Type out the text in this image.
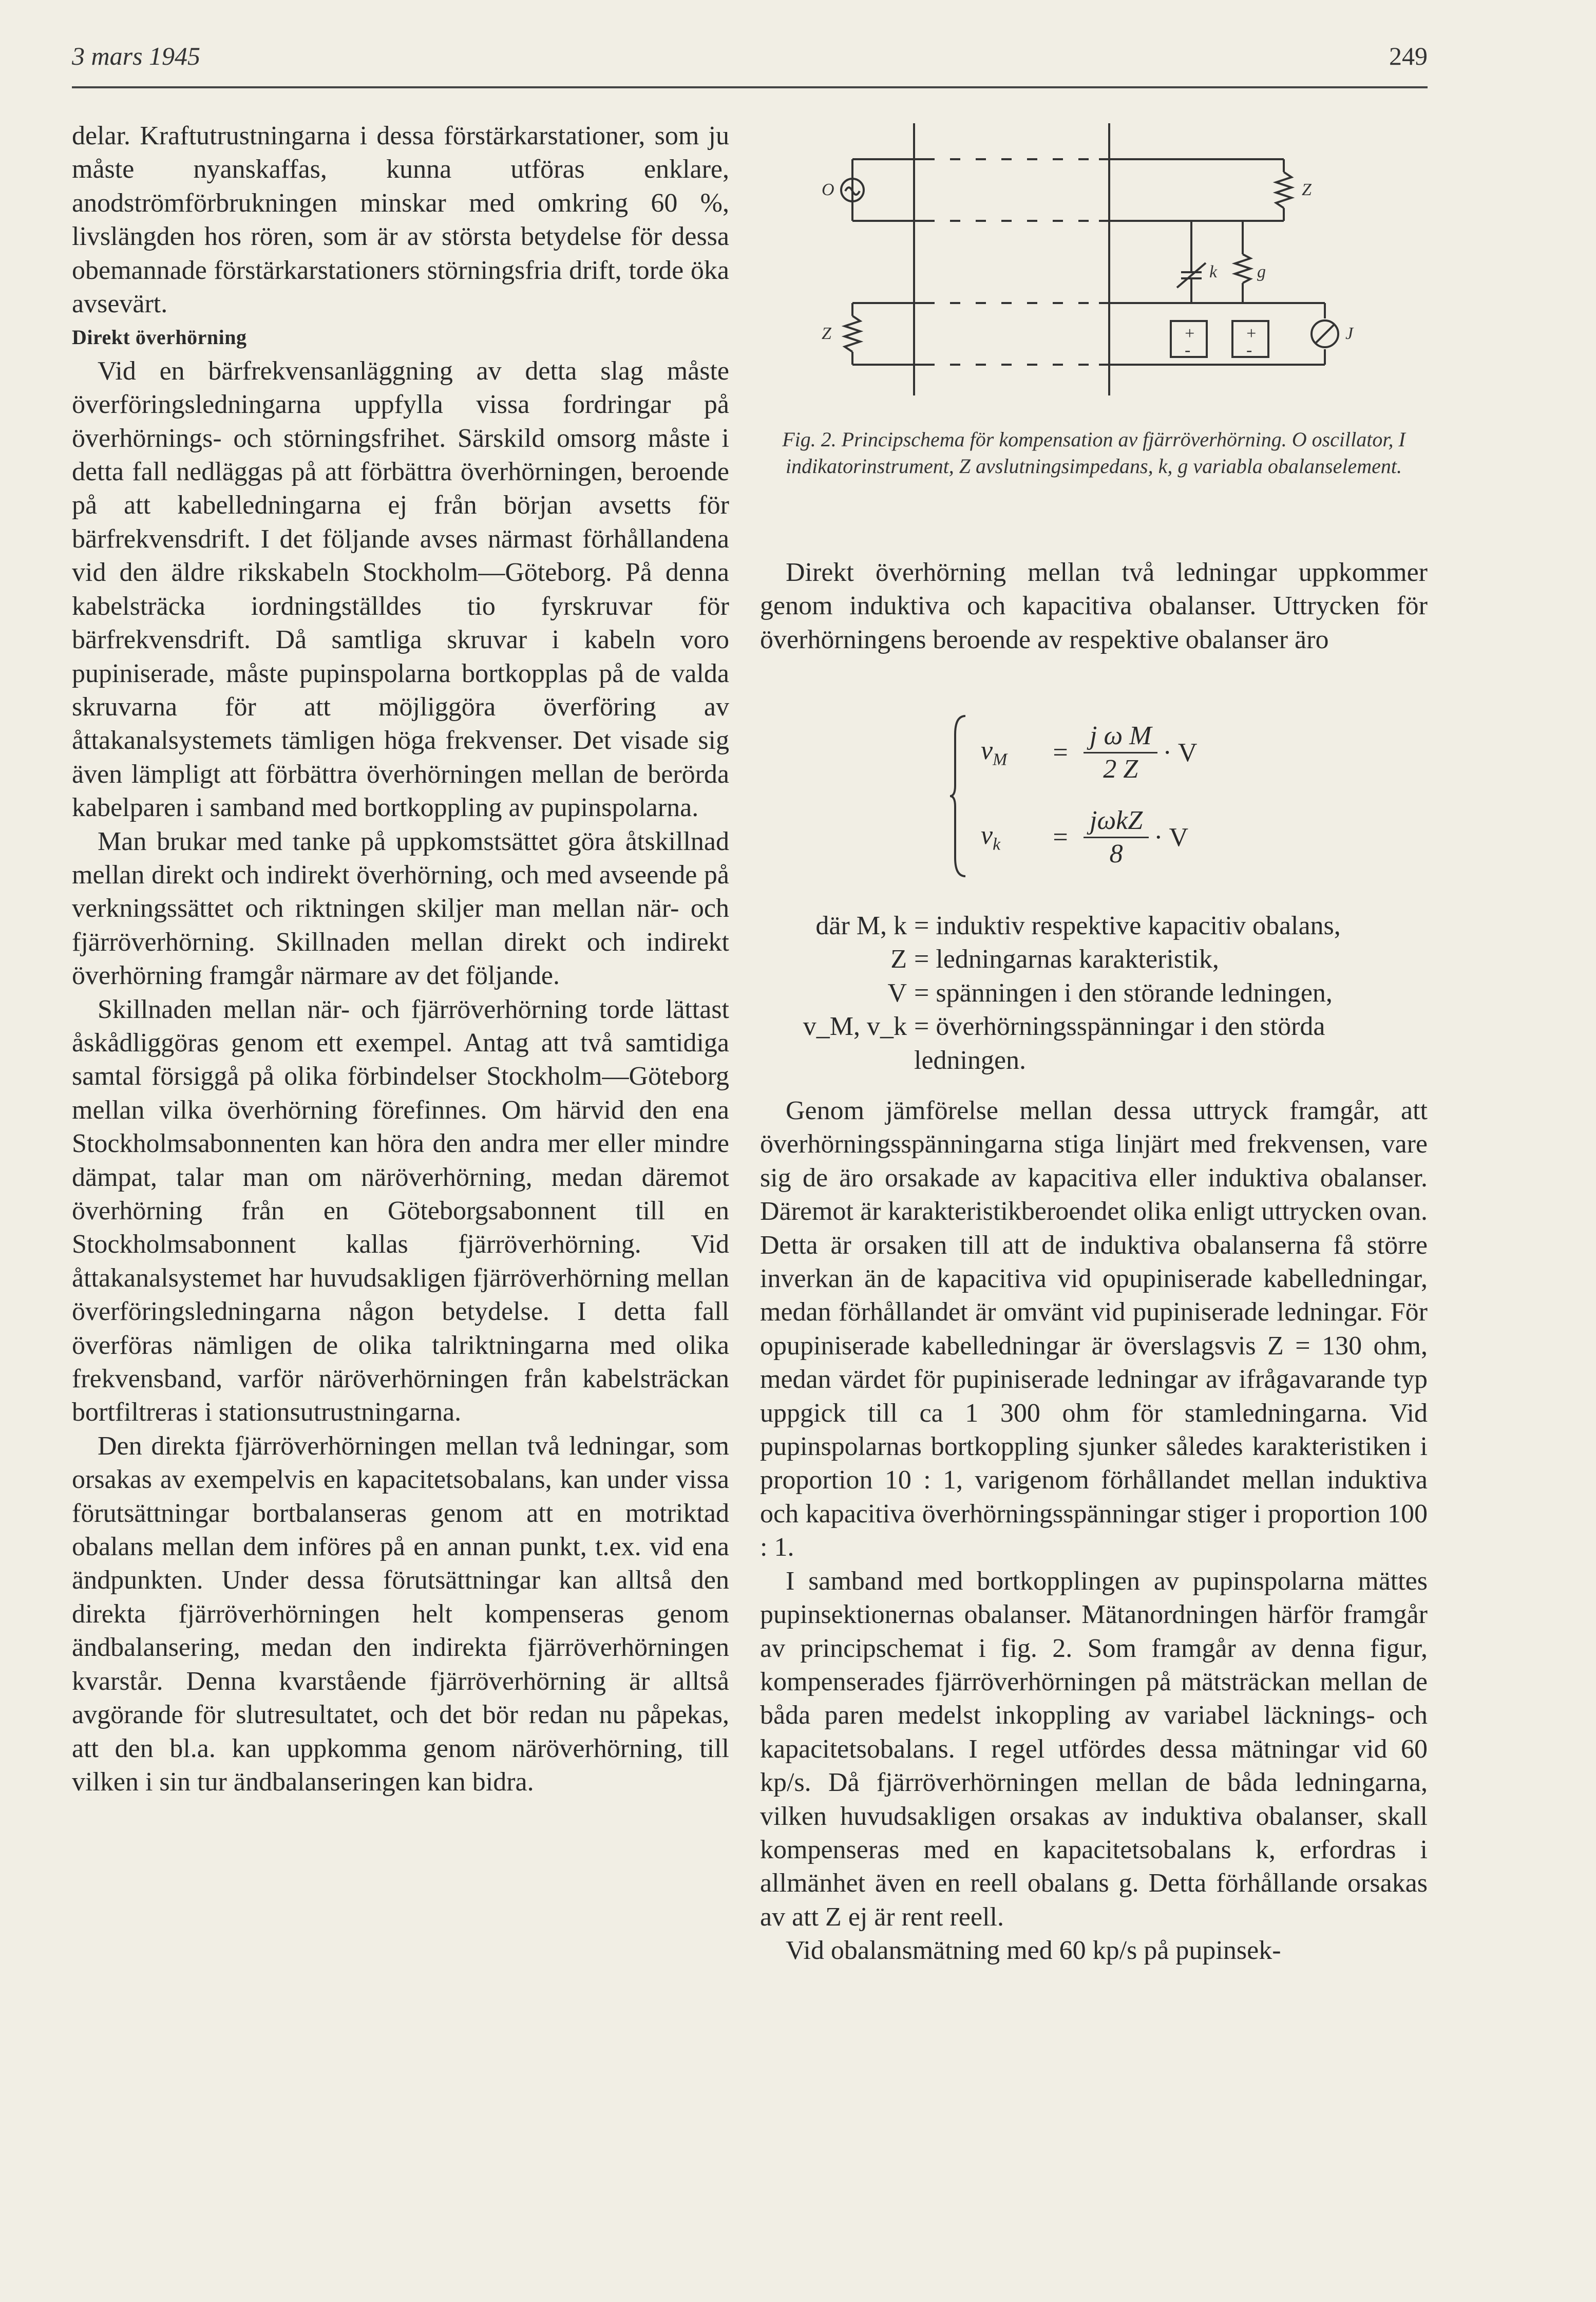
3 mars 1945	249

delar. Kraftutrustningarna i dessa förstärkarstationer, som ju måste nyanskaffas, kunna utföras enklare, anodströmförbrukningen minskar med omkring 60 %, livslängden hos rören, som är av största betydelse för dessa obemannade förstärkarstationers störningsfria drift, torde öka avsevärt.

Direkt överhörning

Vid en bärfrekvensanläggning av detta slag måste överföringsledningarna uppfylla vissa fordringar på överhörnings- och störningsfrihet. Särskild omsorg måste i detta fall nedläggas på att förbättra överhörningen, beroende på att kabelledningarna ej från början avsetts för bärfrekvensdrift. I det följande avses närmast förhållandena vid den äldre rikskabeln Stockholm—Göteborg. På denna kabelsträcka iordningställdes tio fyrskruvar för bärfrekvensdrift. Då samtliga skruvar i kabeln voro pupiniserade, måste pupinspolarna bortkopplas på de valda skruvarna för att möjliggöra överföring av åttakanalsystemets tämligen höga frekvenser. Det visade sig även lämpligt att förbättra överhörningen mellan de berörda kabelparen i samband med bortkoppling av pupinspolarna.

Man brukar med tanke på uppkomstsättet göra åtskillnad mellan direkt och indirekt överhörning, och med avseende på verkningssättet och riktningen skiljer man mellan när- och fjärröverhörning. Skillnaden mellan direkt och indirekt överhörning framgår närmare av det följande.

Skillnaden mellan när- och fjärröverhörning torde lättast åskådliggöras genom ett exempel. Antag att två samtidiga samtal försiggå på olika förbindelser Stockholm—Göteborg mellan vilka överhörning förefinnes. Om härvid den ena Stockholmsabonnenten kan höra den andra mer eller mindre dämpat, talar man om näröverhörning, medan däremot överhörning från en Göteborgsabonnent till en Stockholmsabonnent kallas fjärröverhörning. Vid åttakanalsystemet har huvudsakligen fjärröverhörning mellan överföringsledningarna någon betydelse. I detta fall överföras nämligen de olika talriktningarna med olika frekvensband, varför näröverhörningen från kabelsträckan bortfiltreras i stationsutrustningarna.

Den direkta fjärröverhörningen mellan två ledningar, som orsakas av exempelvis en kapacitetsobalans, kan under vissa förutsättningar bortbalanseras genom att en motriktad obalans mellan dem införes på en annan punkt, t.ex. vid ena ändpunkten. Under dessa förutsättningar kan alltså den direkta fjärröverhörningen helt kompenseras genom ändbalansering, medan den indirekta fjärröverhörningen kvarstår. Denna kvarstående fjärröverhörning är alltså avgörande för slutresultatet, och det bör redan nu påpekas, att den bl.a. kan uppkomma genom näröverhörning, till vilken i sin tur ändbalanseringen kan bidra.

O	Z
Z
k g
J
+	+
-	-
Fig. 2. Principschema för kompensation av fjärröverhörning. O oscillator, I indikatorinstrument, Z avslutningsimpedans, k, g variabla obalanselement.

Direkt överhörning mellan två ledningar uppkommer genom induktiva och kapacitiva obalanser. Uttrycken för överhörningens beroende av respektive obalanser äro

$v_M$	= $\frac{\text{j ω M}}{2 Z} \cdot V$
$v_k$	= $\frac{\text{jωkZ}}{8} \cdot V$
där M, k = induktiv respektive kapacitiv obalans,
Z = ledningarnas karakteristik,
V = spänningen i den störande ledningen,
v_M, v_k = överhörningsspänningar i den störda ledningen.

Genom jämförelse mellan dessa uttryck framgår, att överhörningsspänningarna stiga linjärt med frekvensen, vare sig de äro orsakade av kapacitiva eller induktiva obalanser. Däremot är karakteristikberoendet olika enligt uttrycken ovan. Detta är orsaken till att de induktiva obalanserna få större inverkan än de kapacitiva vid opupiniserade kabelledningar, medan förhållandet är omvänt vid pupiniserade ledningar. För opupiniserade kabelledningar är överslagsvis Z = 130 ohm, medan värdet för pupiniserade ledningar av ifrågavarande typ uppgick till ca 1 300 ohm för stamledningarna. Vid pupinspolarnas bortkoppling sjunker således karakteristiken i proportion 10 : 1, varigenom förhållandet mellan induktiva och kapacitiva överhörningsspänningar stiger i proportion 100 : 1.

I samband med bortkopplingen av pupinspolarna mättes pupinsektionernas obalanser. Mätanordningen härför framgår av principschemat i fig. 2. Som framgår av denna figur, kompenserades fjärröverhörningen på mätsträckan mellan de båda paren medelst inkoppling av variabel läcknings- och kapacitetsobalans. I regel utfördes dessa mätningar vid 60 kp/s. Då fjärröverhörningen mellan de båda ledningarna, vilken huvudsakligen orsakas av induktiva obalanser, skall kompenseras med en kapacitetsobalans k, erfordras i allmänhet även en reell obalans g. Detta förhållande orsakas av att Z ej är rent reell.

Vid obalansmätning med 60 kp/s på pupinsek-
